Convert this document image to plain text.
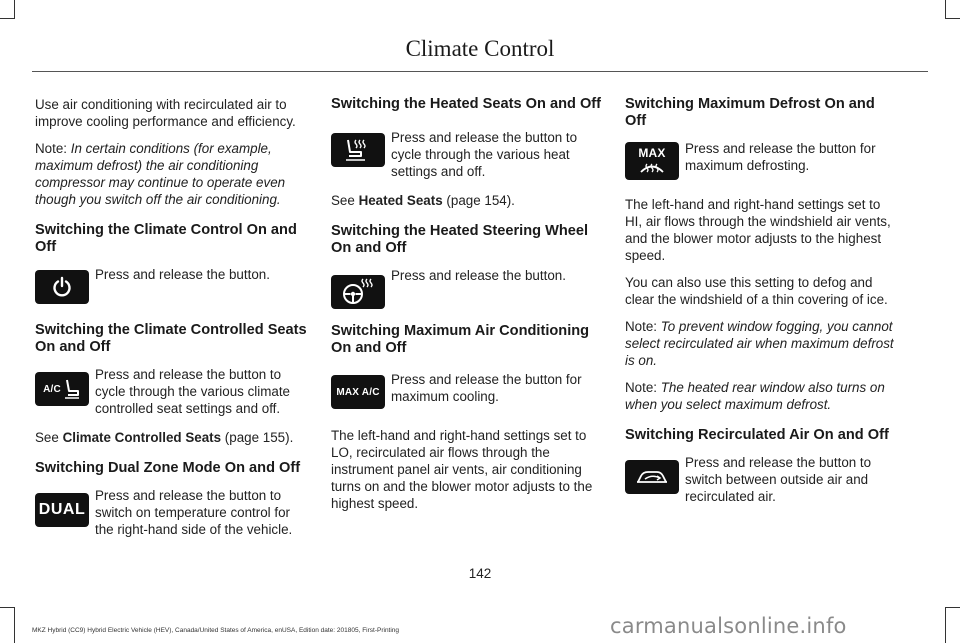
Climate Control

Use air conditioning with recirculated air to improve cooling performance and efficiency.

Note: In certain conditions (for example, maximum defrost) the air conditioning compressor may continue to operate even though you switch off the air conditioning.

Switching the Climate Control On and Off
Press and release the button.
Switching the Climate Controlled Seats On and Off
A/C
Press and release the button to cycle through the various climate controlled seat settings and off.

See Climate Controlled Seats (page 155).

Switching Dual Zone Mode On and Off
DUAL
Press and release the button to switch on temperature control for the right-hand side of the vehicle.
Switching the Heated Seats On and Off
Press and release the button to cycle through the various heat settings and off.

See Heated Seats (page 154).

Switching the Heated Steering Wheel On and Off
Press and release the button.
Switching Maximum Air Conditioning On and Off
MAX A/C
Press and release the button for maximum cooling.

The left-hand and right-hand settings set to LO, recirculated air flows through the instrument panel air vents, air conditioning turns on and the blower motor adjusts to the highest speed.

Switching Maximum Defrost On and Off
MAX Press and release the button for maximum defrosting.

The left-hand and right-hand settings set to HI, air flows through the windshield air vents, and the blower motor adjusts to the highest speed.

You can also use this setting to defog and clear the windshield of a thin covering of ice.

Note: To prevent window fogging, you cannot select recirculated air when maximum defrost is on.

Note: The heated rear window also turns on when you select maximum defrost.

Switching Recirculated Air On and Off
Press and release the button to switch between outside air and recirculated air.
142
MKZ Hybrid (CC9) Hybrid Electric Vehicle (HEV), Canada/United States of America, enUSA, Edition date: 201805, First-Printing	carmanualsonline.info
